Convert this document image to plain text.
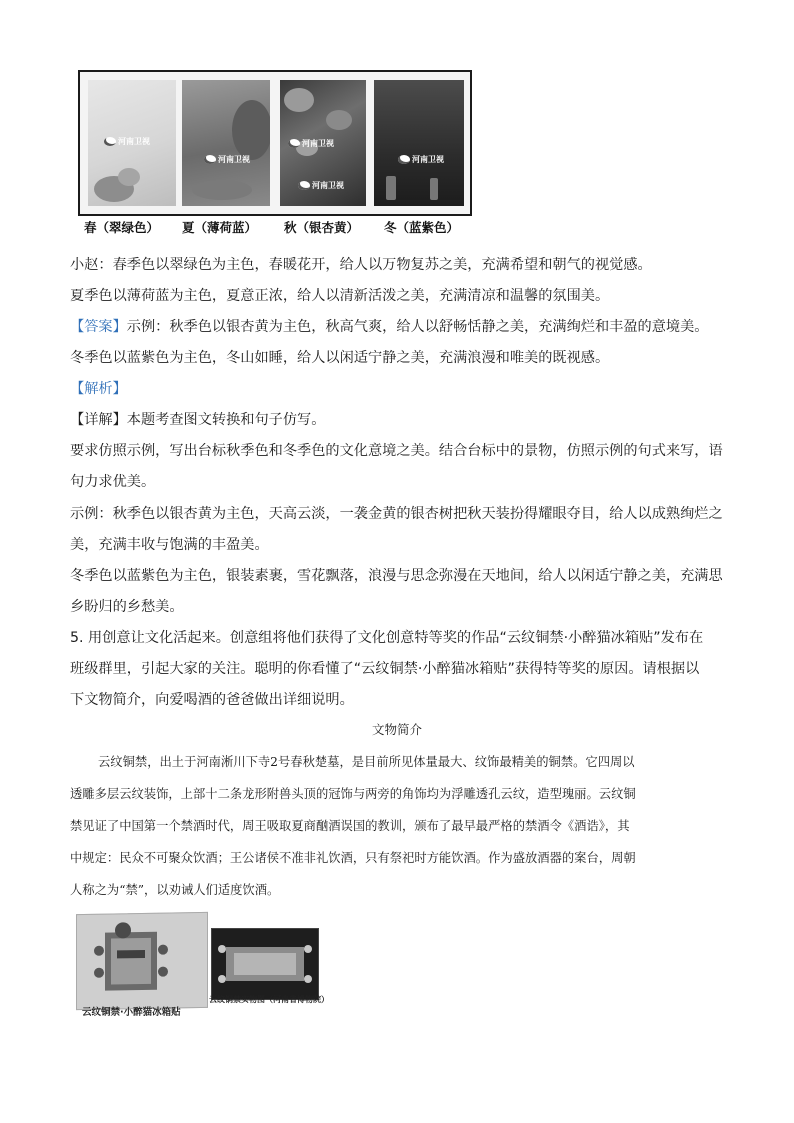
河南卫视
河南卫视
河南卫视
河南卫视
河南卫视
春（翠绿色） 夏（薄荷蓝） 秋（银杏黄） 冬（蓝紫色）
小赵：春季色以翠绿色为主色，春暖花开，给人以万物复苏之美，充满希望和朝气的视觉感。
夏季色以薄荷蓝为主色，夏意正浓，给人以清新活泼之美，充满清凉和温馨的氛围美。
【答案】示例：秋季色以银杏黄为主色，秋高气爽，给人以舒畅恬静之美，充满绚烂和丰盈的意境美。
冬季色以蓝紫色为主色，冬山如睡，给人以闲适宁静之美，充满浪漫和唯美的既视感。
【解析】
【详解】本题考查图文转换和句子仿写。
要求仿照示例，写出台标秋季色和冬季色的文化意境之美。结合台标中的景物，仿照示例的句式来写，语
句力求优美。
示例：秋季色以银杏黄为主色，天高云淡，一袭金黄的银杏树把秋天装扮得耀眼夺目，给人以成熟绚烂之
美，充满丰收与饱满的丰盈美。
冬季色以蓝紫色为主色，银装素裹，雪花飘落，浪漫与思念弥漫在天地间，给人以闲适宁静之美，充满思
乡盼归的乡愁美。
5. 用创意让文化活起来。创意组将他们获得了文化创意特等奖的作品“云纹铜禁·小醉猫冰箱贴”发布在
班级群里，引起大家的关注。聪明的你看懂了“云纹铜禁·小醉猫冰箱贴”获得特等奖的原因。请根据以
下文物简介，向爱喝酒的爸爸做出详细说明。
文物简介
云纹铜禁，出土于河南淅川下寺2号春秋楚墓，是目前所见体量最大、纹饰最精美的铜禁。它四周以
透雕多层云纹装饰，上部十二条龙形附兽头顶的冠饰与两旁的角饰均为浮雕透孔云纹，造型瑰丽。云纹铜
禁见证了中国第一个禁酒时代，周王吸取夏商酗酒误国的教训，颁布了最早最严格的禁酒令《酒诰》，其
中规定：民众不可聚众饮酒；王公诸侯不准非礼饮酒，只有祭祀时方能饮酒。作为盛放酒器的案台，周朝
人称之为“禁”，以劝诫人们适度饮酒。
云纹铜禁·小醉猫冰箱贴
云纹铜禁实物图（河南省博物院）
